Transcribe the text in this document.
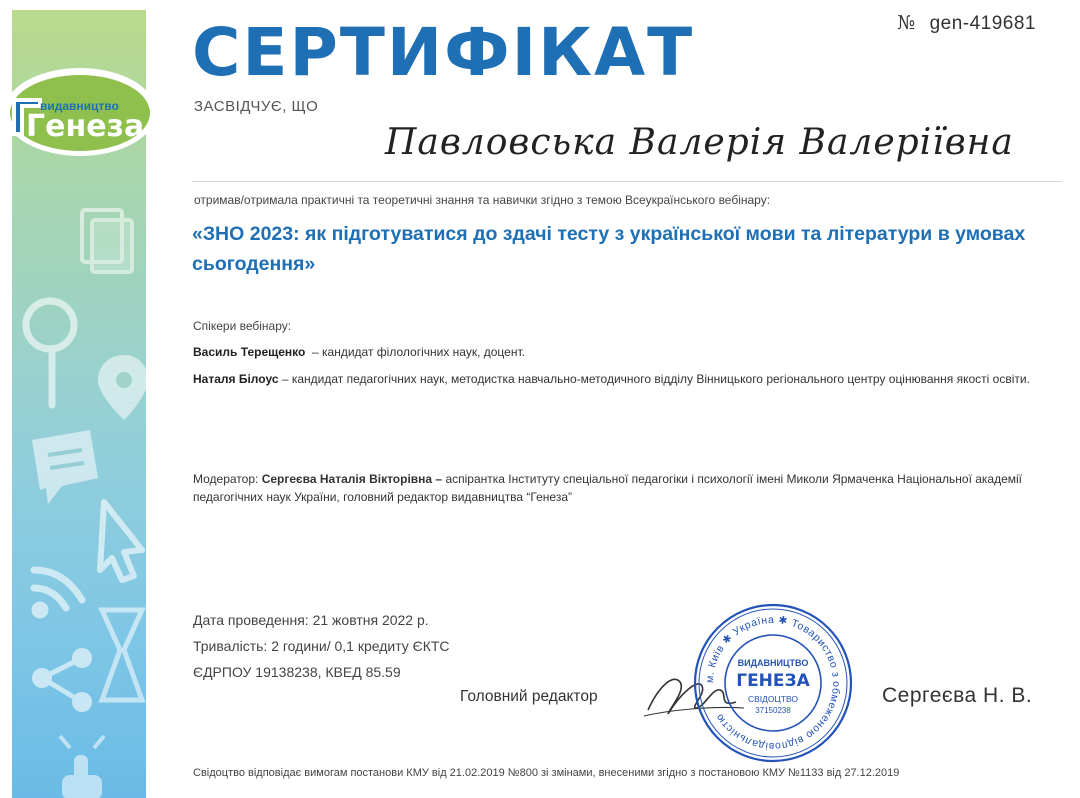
видавництво
Генеза
№ gen-419681
СЕРТИФІКАТ
ЗАСВІДЧУЄ, ЩО
Павловська Валерія Валеріївна
отримав/отримала практичні та теоретичні знання та навички згідно з темою Всеукраїнського вебінару:
«ЗНО 2023: як підготуватися до здачі тесту з української мови та літератури в умовах сьогодення»
Спікери вебінару:
Василь Терещенко – кандидат філологічних наук, доцент.
Наталя Білоус – кандидат педагогічних наук, методистка навчально-методичного відділу Вінницького регіонального центру оцінювання якості освіти.
Модератор: Сергеєва Наталія Вікторівна – аспірантка Інституту спеціальної педагогіки і психології імені Миколи Ярмаченка Національної академії педагогічних наук України, головний редактор видавництва “Генеза”
Дата проведення: 21 жовтня 2022 р.
Тривалість: 2 години/ 0,1 кредиту ЄКТС
ЄДРПОУ 19138238, КВЕД 85.59
Головний редактор
м. Київ ✱ Україна ✱ Товариство з обмеженою відповідальністю
ВИДАВНИЦТВО
ГЕНЕЗА
СВІДОЦТВО
37150238
Сергеєва Н. В.
Свідоцтво відповідає вимогам постанови КМУ від 21.02.2019 №800 зі змінами, внесеними згідно з постановою КМУ №1133 від 27.12.2019
